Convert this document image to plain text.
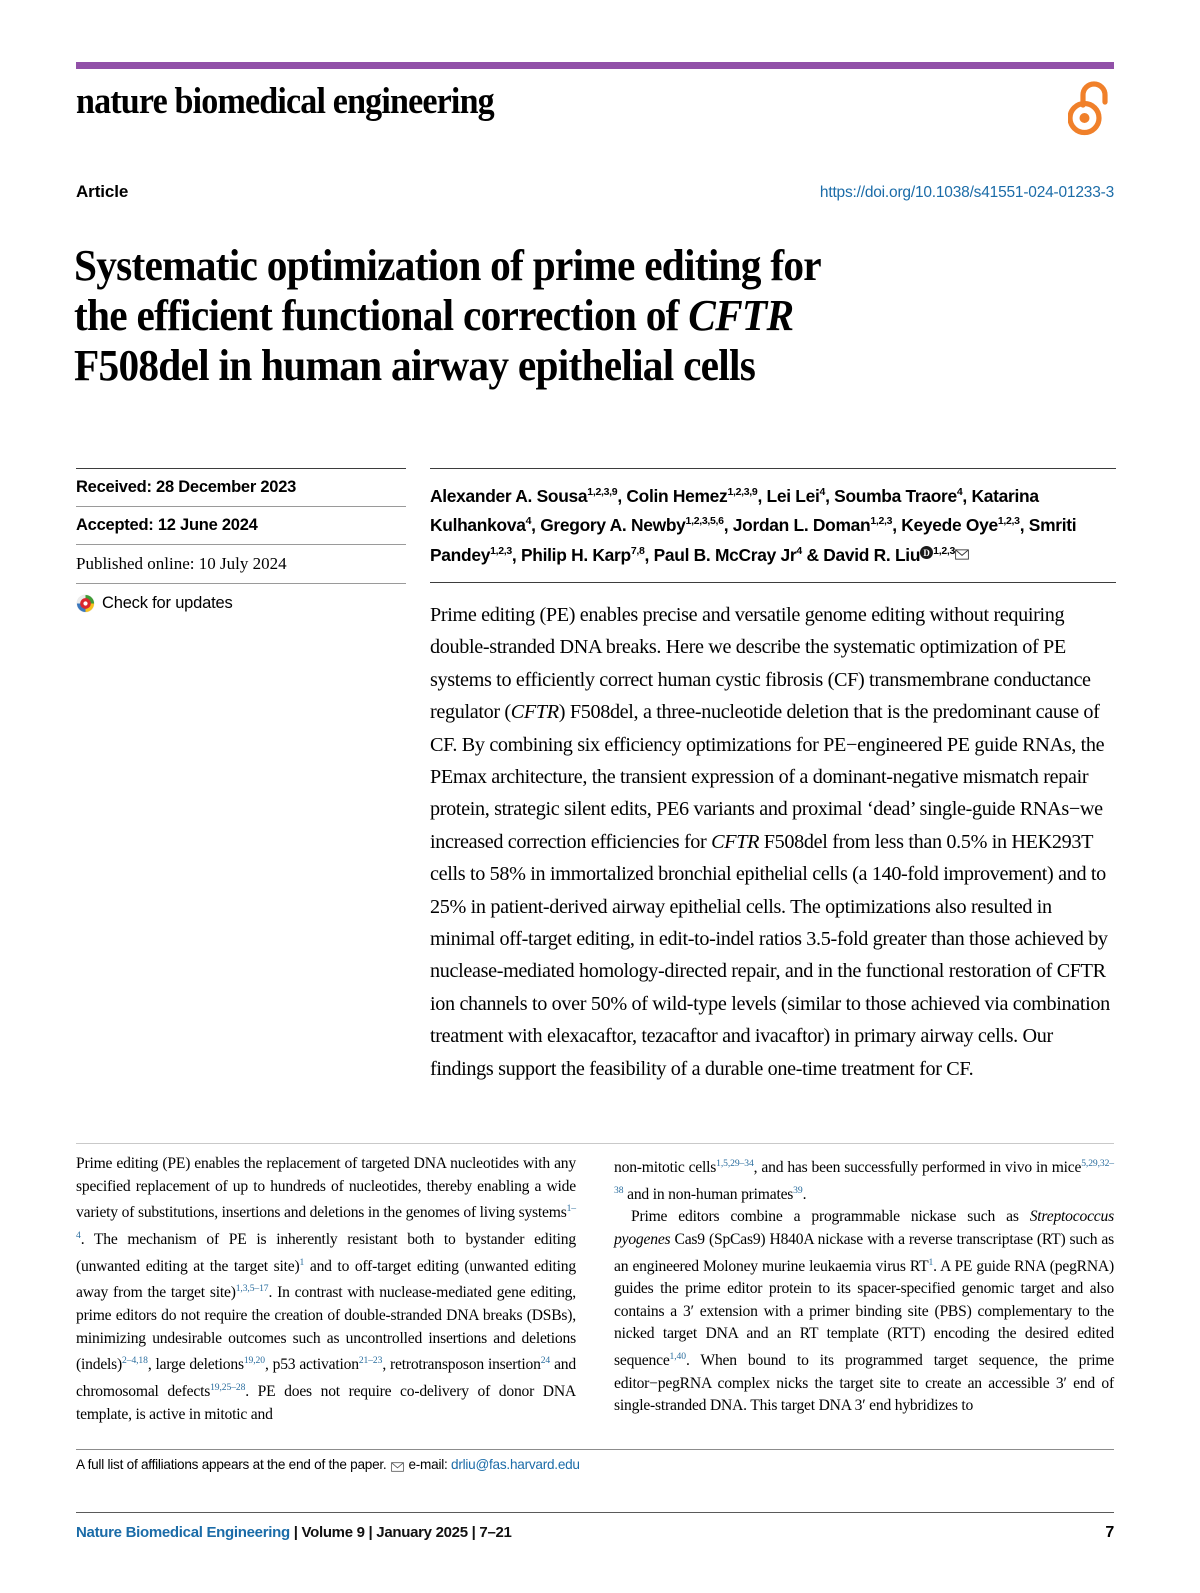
nature biomedical engineering
Article	https://doi.org/10.1038/s41551-024-01233-3
Systematic optimization of prime editing for
the efficient functional correction of CFTR
F508del in human airway epithelial cells
Received: 28 December 2023
Accepted: 12 June 2024
Published online: 10 July 2024
Check for updates
Alexander A. Sousa$^{1,2,3,9}$, Colin Hemez$^{1,2,3,9}$, Lei Lei$^4$, Soumba Traore$^4$, Katarina Kulhankova$^4$, Gregory A. Newby$^{1,2,3,5,6}$, Jordan L. Doman$^{1,2,3}$, Keyede Oye$^{1,2,3}$, Smriti Pandey$^{1,2,3}$, Philip H. Karp$^{7,8}$, Paul B. McCray Jr$^4$ & David R. Liu D $^{1,2,3}$
Prime editing (PE) enables precise and versatile genome editing without requiring double-stranded DNA breaks. Here we describe the systematic optimization of PE systems to efficiently correct human cystic fibrosis (CF) transmembrane conductance regulator (CFTR) F508del, a three-nucleotide deletion that is the predominant cause of CF. By combining six efficiency optimizations for PE−engineered PE guide RNAs, the PEmax architecture, the transient expression of a dominant-negative mismatch repair protein, strategic silent edits, PE6 variants and proximal ‘dead’ single-guide RNAs−we increased correction efficiencies for CFTR F508del from less than 0.5% in HEK293T cells to 58% in immortalized bronchial epithelial cells (a 140-fold improvement) and to 25% in patient-derived airway epithelial cells. The optimizations also resulted in minimal off-target editing, in edit-to-indel ratios 3.5-fold greater than those achieved by nuclease-mediated homology-directed repair, and in the functional restoration of CFTR ion channels to over 50% of wild-type levels (similar to those achieved via combination treatment with elexacaftor, tezacaftor and ivacaftor) in primary airway cells. Our findings support the feasibility of a durable one-time treatment for CF.

Prime editing (PE) enables the replacement of targeted DNA nucleotides with any specified replacement of up to hundreds of nucleotides, thereby enabling a wide variety of substitutions, insertions and deletions in the genomes of living systems$^{1-4}$. The mechanism of PE is inherently resistant both to bystander editing (unwanted editing at the target site)$^1$ and to off-target editing (unwanted editing away from the target site)$^{1,3,5-17}$. In contrast with nuclease-mediated gene editing, prime editors do not require the creation of double-stranded DNA breaks (DSBs), minimizing undesirable outcomes such as uncontrolled insertions and deletions (indels)$^{2-4,18}$, large deletions$^{19,20}$, p53 activation$^{21-23}$, retrotransposon insertion$^{24}$ and chromosomal defects$^{19,25-28}$. PE does not require co-delivery of donor DNA template, is active in mitotic and

non-mitotic cells$^{1,5,29-34}$, and has been successfully performed in vivo in mice$^{5,29,32-38}$ and in non-human primates$^{39}$.

Prime editors combine a programmable nickase such as Streptococcus pyogenes Cas9 (SpCas9) H840A nickase with a reverse transcriptase (RT) such as an engineered Moloney murine leukaemia virus RT$^1$. A PE guide RNA (pegRNA) guides the prime editor protein to its spacer-specified genomic target and also contains a 3′ extension with a primer binding site (PBS) complementary to the nicked target DNA and an RT template (RTT) encoding the desired edited sequence$^{1,40}$. When bound to its programmed target sequence, the prime editor−pegRNA complex nicks the target site to create an accessible 3′ end of single-stranded DNA. This target DNA 3′ end hybridizes to

A full list of affiliations appears at the end of the paper. e-mail:
drliu@fas.harvard.edu
Nature Biomedical Engineering | Volume 9 | January 2025 | 7–21	7
